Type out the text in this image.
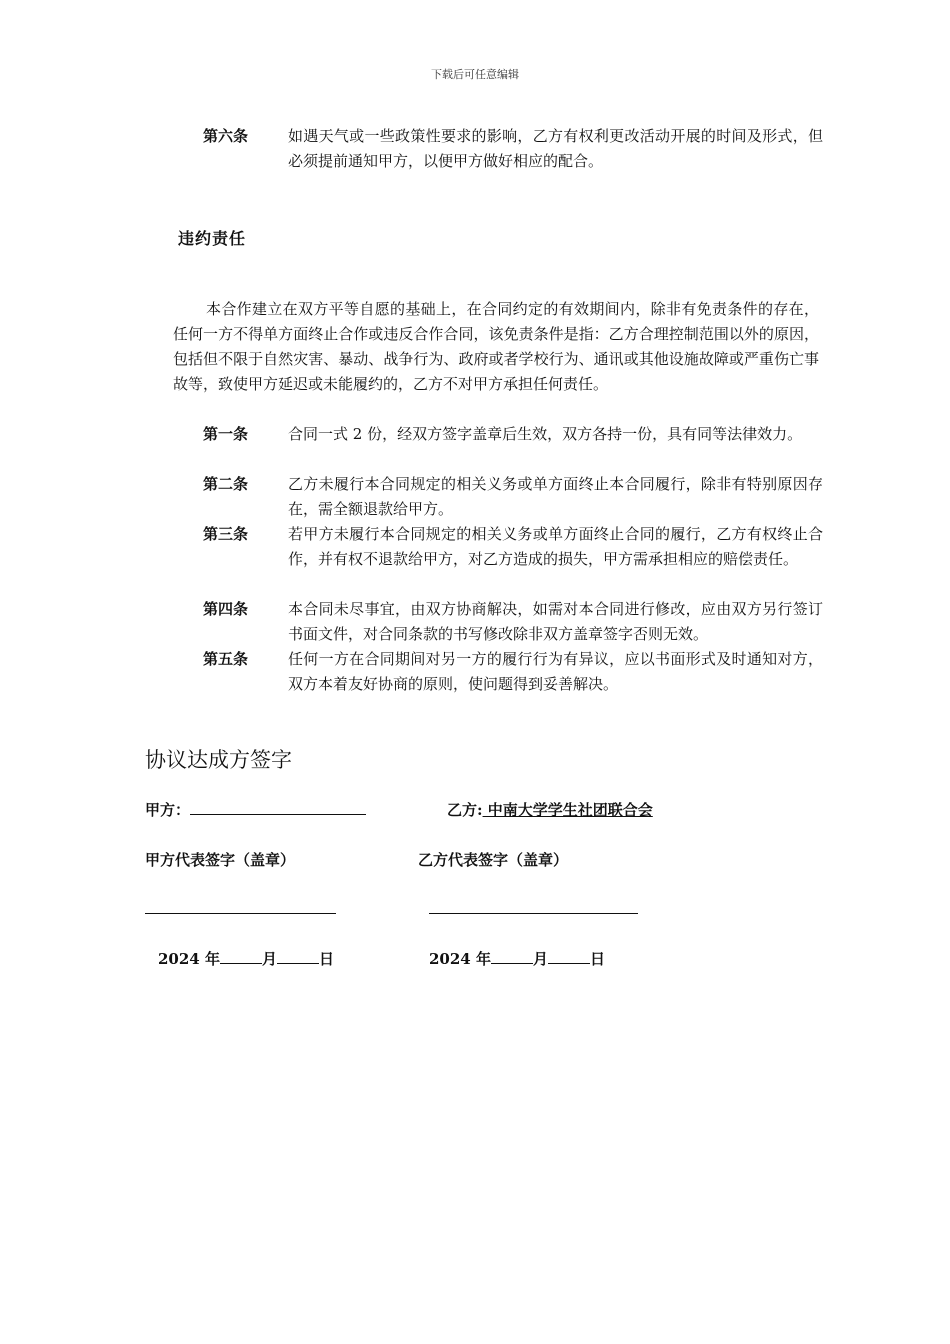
下载后可任意编辑
第六条	如遇天气或一些政策性要求的影响，乙方有权利更改活动开展的时间及形式，但必须提前通知甲方，以便甲方做好相应的配合。
违约责任
本合作建立在双方平等自愿的基础上，在合同约定的有效期间内，除非有免责条件的存在，任何一方不得单方面终止合作或违反合作合同，该免责条件是指：乙方合理控制范围以外的原因，包括但不限于自然灾害、暴动、战争行为、政府或者学校行为、通讯或其他设施故障或严重伤亡事故等，致使甲方延迟或未能履约的，乙方不对甲方承担任何责任。
第一条	合同一式 2 份，经双方签字盖章后生效，双方各持一份，具有同等法律效力。
第二条	乙方未履行本合同规定的相关义务或单方面终止本合同履行，除非有特别原因存在，需全额退款给甲方。
第三条	若甲方未履行本合同规定的相关义务或单方面终止合同的履行，乙方有权终止合作，并有权不退款给甲方，对乙方造成的损失，甲方需承担相应的赔偿责任。
第四条	本合同未尽事宜，由双方协商解决，如需对本合同进行修改，应由双方另行签订书面文件，对合同条款的书写修改除非双方盖章签字否则无效。
第五条	任何一方在合同期间对另一方的履行行为有异议，应以书面形式及时通知对方，双方本着友好协商的原则，使问题得到妥善解决。
协议达成方签字
甲方：	乙方: 中南大学学生社团联合会
甲方代表签字（盖章）	乙方代表签字（盖章）
2024 年	月	日	2024 年	月	日
